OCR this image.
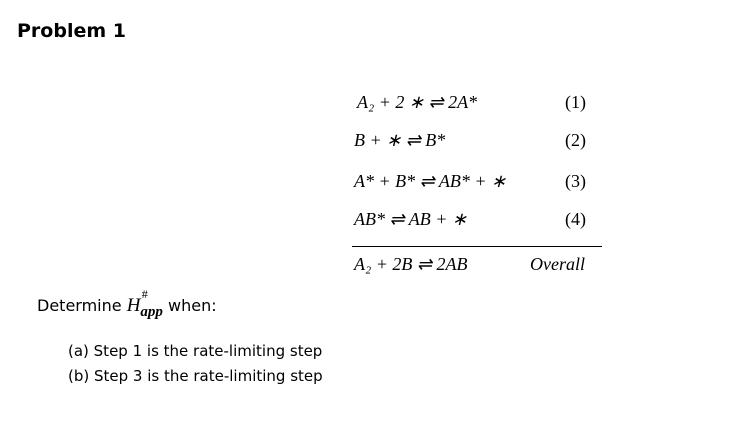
Problem 1
A₂ + 2 ∗ ⇌ 2A*	(1)
B + ∗ ⇌ B*	(2)
A* + B* ⇌ AB* + ∗	(3)
AB* ⇌ AB + ∗	(4)
A₂ + 2B ⇌ 2AB	Overall
Determine H
#
$_{app}$ when:
(a) Step 1 is the rate-limiting step
(b) Step 3 is the rate-limiting step
